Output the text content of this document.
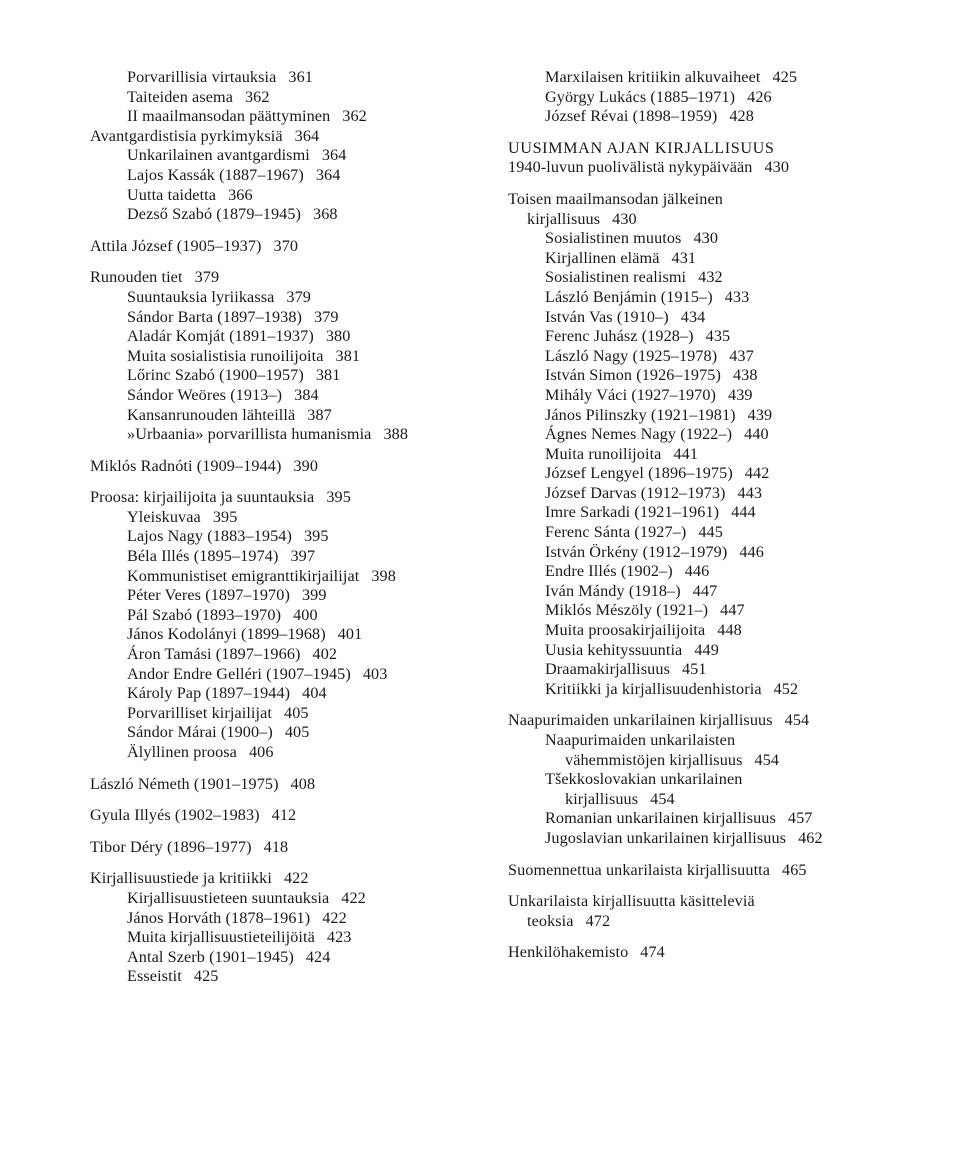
Porvarillisia virtauksia 361
Taiteiden asema 362
II maailmansodan päättyminen 362
Avantgardistisia pyrkimyksiä 364
Unkarilainen avantgardismi 364
Lajos Kassák (1887–1967) 364
Uutta taidetta 366
Dezső Szabó (1879–1945) 368
Attila József (1905–1937) 370
Runouden tiet 379
Suuntauksia lyriikassa 379
Sándor Barta (1897–1938) 379
Aladár Komját (1891–1937) 380
Muita sosialistisia runoilijoita 381
Lőrinc Szabó (1900–1957) 381
Sándor Weöres (1913–) 384
Kansanrunouden lähteillä 387
»Urbaania» porvarillista humanismia 388
Miklós Radnóti (1909–1944) 390
Proosa: kirjailijoita ja suuntauksia 395
Yleiskuvaa 395
Lajos Nagy (1883–1954) 395
Béla Illés (1895–1974) 397
Kommunistiset emigranttikirjailijat 398
Péter Veres (1897–1970) 399
Pál Szabó (1893–1970) 400
János Kodolányi (1899–1968) 401
Áron Tamási (1897–1966) 402
Andor Endre Gelléri (1907–1945) 403
Károly Pap (1897–1944) 404
Porvarilliset kirjailijat 405
Sándor Márai (1900–) 405
Älyllinen proosa 406
László Németh (1901–1975) 408
Gyula Illyés (1902–1983) 412
Tibor Déry (1896–1977) 418
Kirjallisuustiede ja kritiikki 422
Kirjallisuustieteen suuntauksia 422
János Horváth (1878–1961) 422
Muita kirjallisuustieteilijöitä 423
Antal Szerb (1901–1945) 424
Esseistit 425
Marxilaisen kritiikin alkuvaiheet 425
György Lukács (1885–1971) 426
József Révai (1898–1959) 428
UUSIMMAN AJAN KIRJALLISUUS
1940-luvun puolivälistä nykypäivään 430
Toisen maailmansodan jälkeinen
kirjallisuus 430
Sosialistinen muutos 430
Kirjallinen elämä 431
Sosialistinen realismi 432
László Benjámin (1915–) 433
István Vas (1910–) 434
Ferenc Juhász (1928–) 435
László Nagy (1925–1978) 437
István Simon (1926–1975) 438
Mihály Váci (1927–1970) 439
János Pilinszky (1921–1981) 439
Ágnes Nemes Nagy (1922–) 440
Muita runoilijoita 441
József Lengyel (1896–1975) 442
József Darvas (1912–1973) 443
Imre Sarkadi (1921–1961) 444
Ferenc Sánta (1927–) 445
István Örkény (1912–1979) 446
Endre Illés (1902–) 446
Iván Mándy (1918–) 447
Miklós Mészöly (1921–) 447
Muita proosakirjailijoita 448
Uusia kehityssuuntia 449
Draamakirjallisuus 451
Kritiikki ja kirjallisuudenhistoria 452
Naapurimaiden unkarilainen kirjallisuus 454
Naapurimaiden unkarilaisten
vähemmistöjen kirjallisuus 454
Tšekkoslovakian unkarilainen
kirjallisuus 454
Romanian unkarilainen kirjallisuus 457
Jugoslavian unkarilainen kirjallisuus 462
Suomennettua unkarilaista kirjallisuutta 465
Unkarilaista kirjallisuutta käsitteleviä
teoksia 472
Henkilöhakemisto 474
